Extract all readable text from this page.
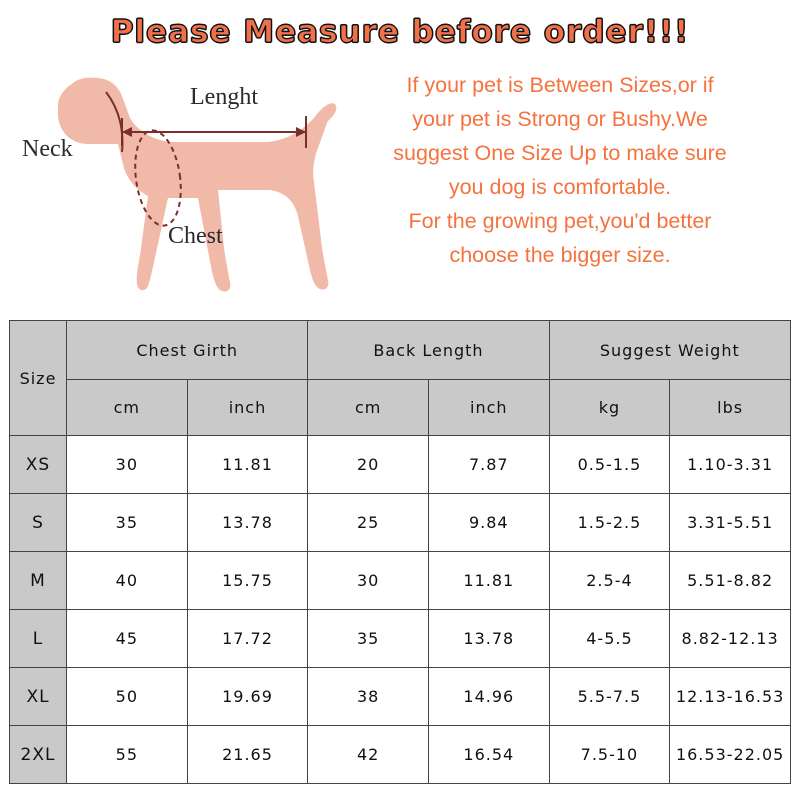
Please Measure before order!!!
If your pet is Between Sizes,or if
your pet is Strong or Bushy.We
suggest One Size Up to make sure
you dog is comfortable.
For the growing pet,you'd better
choose the bigger size.
Lenght
Neck
Chest
Size	Chest Girth		Back Length		Suggest Weight	
	cm	inch	cm	inch	kg	lbs
XS	30	11.81	20	7.87	0.5-1.5	1.10-3.31
S	35	13.78	25	9.84	1.5-2.5	3.31-5.51
M	40	15.75	30	11.81	2.5-4	5.51-8.82
L	45	17.72	35	13.78	4-5.5	8.82-12.13
XL	50	19.69	38	14.96	5.5-7.5	12.13-16.53
2XL	55	21.65	42	16.54	7.5-10	16.53-22.05
